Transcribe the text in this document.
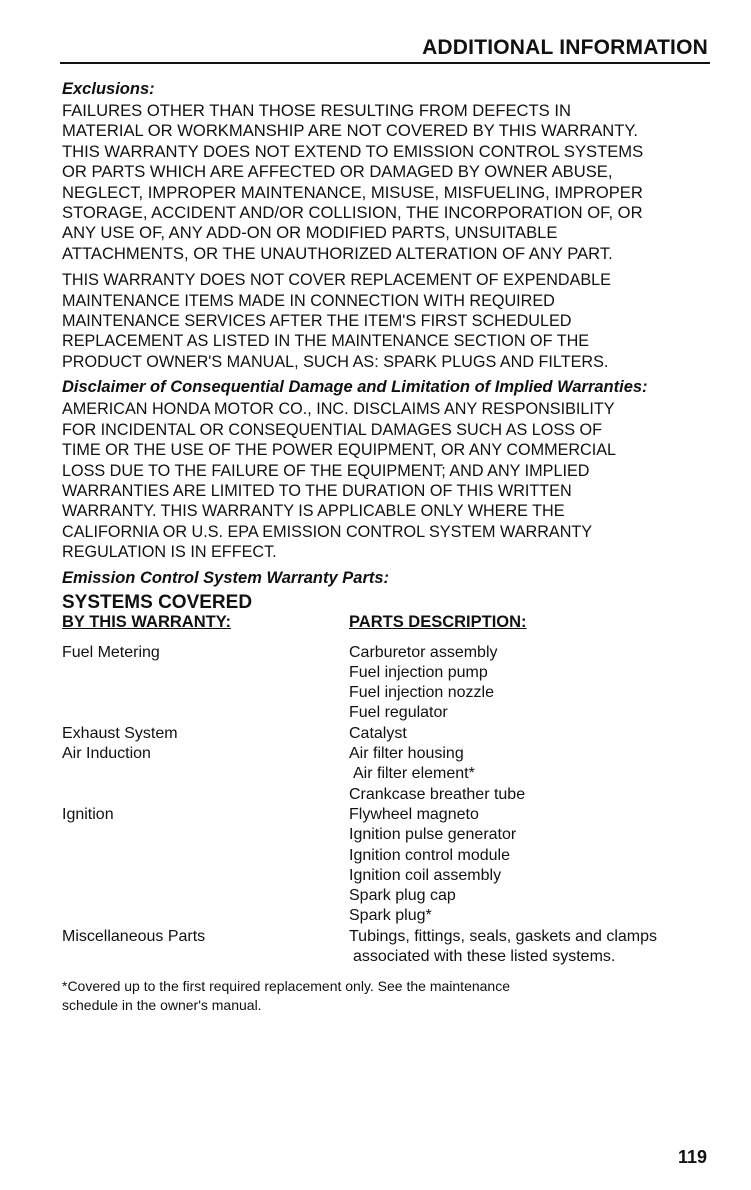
ADDITIONAL INFORMATION
Exclusions:

FAILURES OTHER THAN THOSE RESULTING FROM DEFECTS IN
MATERIAL OR WORKMANSHIP ARE NOT COVERED BY THIS WARRANTY.
THIS WARRANTY DOES NOT EXTEND TO EMISSION CONTROL SYSTEMS
OR PARTS WHICH ARE AFFECTED OR DAMAGED BY OWNER ABUSE,
NEGLECT, IMPROPER MAINTENANCE, MISUSE, MISFUELING, IMPROPER
STORAGE, ACCIDENT AND/OR COLLISION, THE INCORPORATION OF, OR
ANY USE OF, ANY ADD-ON OR MODIFIED PARTS, UNSUITABLE
ATTACHMENTS, OR THE UNAUTHORIZED ALTERATION OF ANY PART.

THIS WARRANTY DOES NOT COVER REPLACEMENT OF EXPENDABLE
MAINTENANCE ITEMS MADE IN CONNECTION WITH REQUIRED
MAINTENANCE SERVICES AFTER THE ITEM'S FIRST SCHEDULED
REPLACEMENT AS LISTED IN THE MAINTENANCE SECTION OF THE
PRODUCT OWNER'S MANUAL, SUCH AS: SPARK PLUGS AND FILTERS.

Disclaimer of Consequential Damage and Limitation of Implied Warranties:

AMERICAN HONDA MOTOR CO., INC. DISCLAIMS ANY RESPONSIBILITY
FOR INCIDENTAL OR CONSEQUENTIAL DAMAGES SUCH AS LOSS OF
TIME OR THE USE OF THE POWER EQUIPMENT, OR ANY COMMERCIAL
LOSS DUE TO THE FAILURE OF THE EQUIPMENT; AND ANY IMPLIED
WARRANTIES ARE LIMITED TO THE DURATION OF THIS WRITTEN
WARRANTY. THIS WARRANTY IS APPLICABLE ONLY WHERE THE
CALIFORNIA OR U.S. EPA EMISSION CONTROL SYSTEM WARRANTY
REGULATION IS IN EFFECT.

Emission Control System Warranty Parts:
SYSTEMS COVERED
BY THIS WARRANTY:	PARTS DESCRIPTION:
Fuel Metering	Carburetor assembly
Fuel injection pump
Fuel injection nozzle
Fuel regulator
Exhaust System	Catalyst
Air Induction	Air filter housing
Air filter element*
Crankcase breather tube
Ignition	Flywheel magneto
Ignition pulse generator
Ignition control module
Ignition coil assembly
Spark plug cap
Spark plug*
Miscellaneous Parts	Tubings, fittings, seals, gaskets and clamps
associated with these listed systems.
*Covered up to the first required replacement only. See the maintenance
schedule in the owner's manual.
119
